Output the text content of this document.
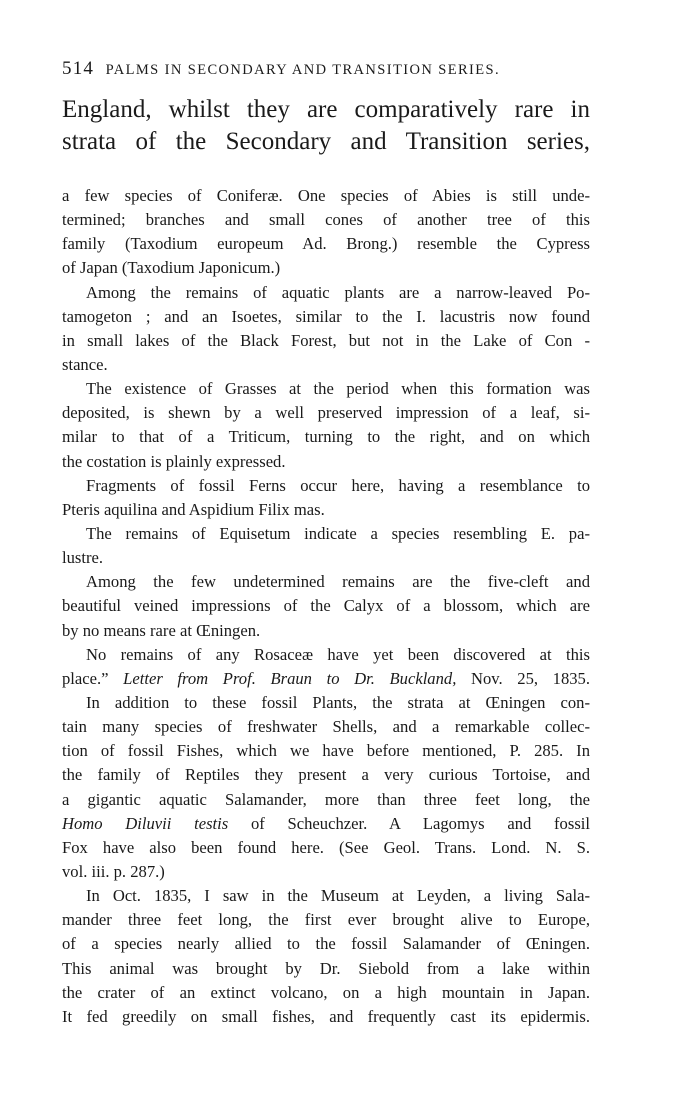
514 PALMS IN SECONDARY AND TRANSITION SERIES.
England, whilst they are comparatively rare in
strata of the Secondary and Transition series,
a few species of Coniferæ. One species of Abies is still unde-
termined; branches and small cones of another tree of this
family (Taxodium europeum Ad. Brong.) resemble the Cypress
of Japan (Taxodium Japonicum.)
Among the remains of aquatic plants are a narrow-leaved Po-
tamogeton ; and an Isoetes, similar to the I. lacustris now found
in small lakes of the Black Forest, but not in the Lake of Con -
stance.
The existence of Grasses at the period when this formation was
deposited, is shewn by a well preserved impression of a leaf, si-
milar to that of a Triticum, turning to the right, and on which
the costation is plainly expressed.
Fragments of fossil Ferns occur here, having a resemblance to
Pteris aquilina and Aspidium Filix mas.
The remains of Equisetum indicate a species resembling E. pa-
lustre.
Among the few undetermined remains are the five-cleft and
beautiful veined impressions of the Calyx of a blossom, which are
by no means rare at Œningen.
No remains of any Rosaceæ have yet been discovered at this
place.” Letter from Prof. Braun to Dr. Buckland, Nov. 25, 1835.
In addition to these fossil Plants, the strata at Œningen con-
tain many species of freshwater Shells, and a remarkable collec-
tion of fossil Fishes, which we have before mentioned, P. 285. In
the family of Reptiles they present a very curious Tortoise, and
a gigantic aquatic Salamander, more than three feet long, the
Homo Diluvii testis of Scheuchzer. A Lagomys and fossil
Fox have also been found here. (See Geol. Trans. Lond. N. S.
vol. iii. p. 287.)
In Oct. 1835, I saw in the Museum at Leyden, a living Sala-
mander three feet long, the first ever brought alive to Europe,
of a species nearly allied to the fossil Salamander of Œningen.
This animal was brought by Dr. Siebold from a lake within
the crater of an extinct volcano, on a high mountain in Japan.
It fed greedily on small fishes, and frequently cast its epidermis.
